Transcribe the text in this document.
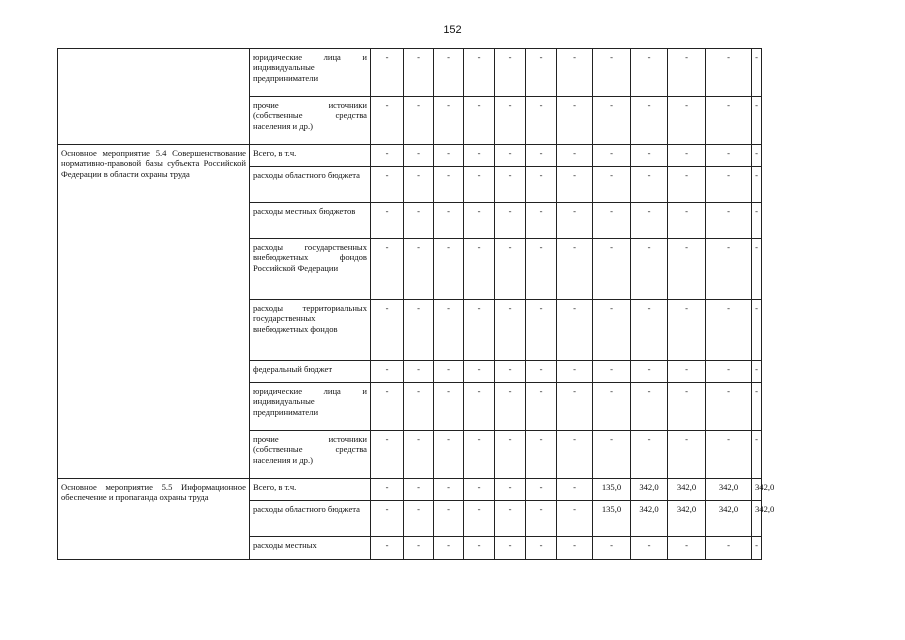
152
	юридические лица и индивидуальные предприниматели	-	-	-	-	-	-	-	-	-	-	-	-
	прочие источники (собственные средства населения и др.)	-	-	-	-	-	-	-	-	-	-	-	-

Основное мероприятие 5.4 Совершенствование нормативно-правовой базы субъекта Российской Федерации в области охраны труда	Всего, в т.ч.	-	-	-	-	-	-	-	-	-	-	-	-
	расходы областного бюджета	-	-	-	-	-	-	-	-	-	-	-	-
	расходы местных бюджетов	-	-	-	-	-	-	-	-	-	-	-	-
	расходы государственных внебюджетных фондов Российской Федерации	-	-	-	-	-	-	-	-	-	-	-	-
	расходы территориальных государственных внебюджетных фондов	-	-	-	-	-	-	-	-	-	-	-	-
	федеральный бюджет	-	-	-	-	-	-	-	-	-	-	-	-
	юридические лица и индивидуальные предприниматели	-	-	-	-	-	-	-	-	-	-	-	-
	прочие источники (собственные средства населения и др.)	-	-	-	-	-	-	-	-	-	-	-	-

Основное мероприятие 5.5 Информационное обеспечение и пропаганда охраны труда	Всего, в т.ч.	-	-	-	-	-	-	-	135,0	342,0	342,0	342,0	342,0
	расходы областного бюджета	-	-	-	-	-	-	-	135,0	342,0	342,0	342,0	342,0
	расходы местных	-	-	-	-	-	-	-	-	-	-	-	-
